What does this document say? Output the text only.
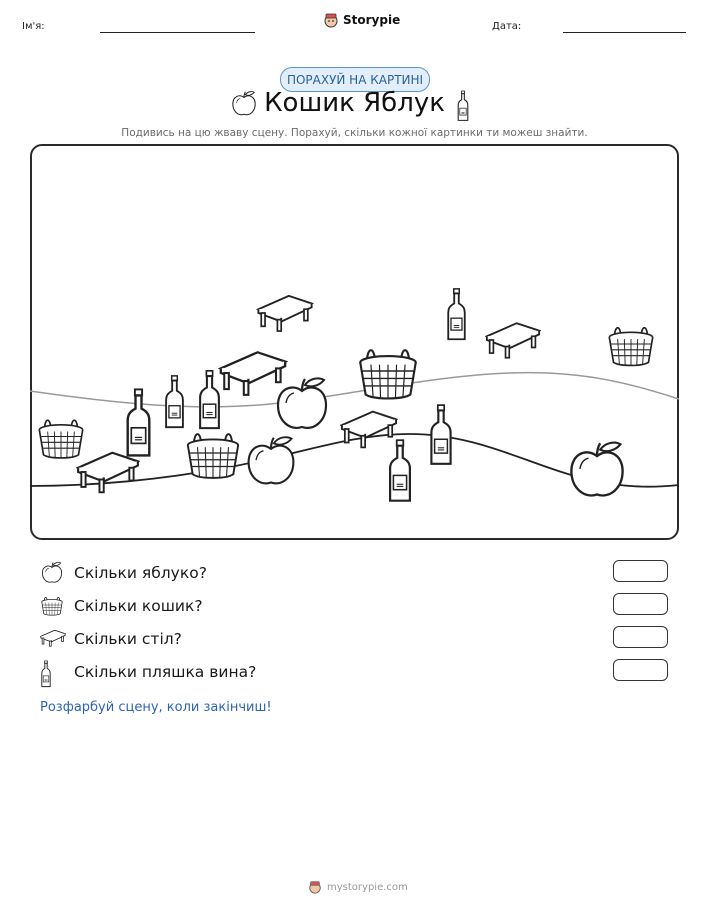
Ім'я:	Storypie	Дата:
ПОРАХУЙ НА КАРТИНІ
Кошик Яблук
Подивись на цю жваву сцену. Порахуй, скільки кожної картинки ти можеш знайти.
Скільки яблуко?
Скільки кошик?
Скільки стіл?
Скільки пляшка вина?
Розфарбуй сцену, коли закінчиш!
mystorypie.com
